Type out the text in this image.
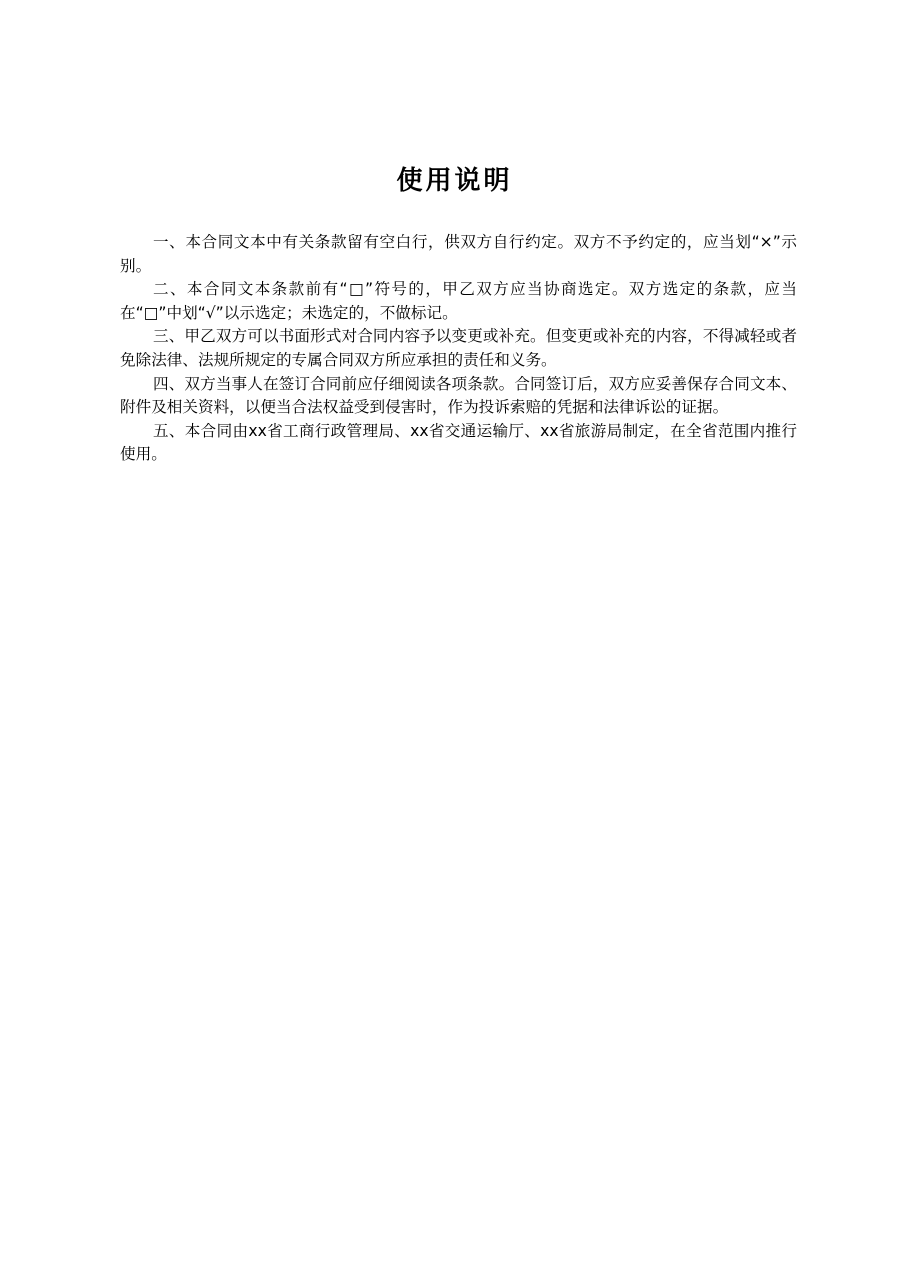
使用说明

一、本合同文本中有关条款留有空白行，供双方自行约定。双方不予约定的，应当划“×”示别。

二、本合同文本条款前有“□”符号的，甲乙双方应当协商选定。双方选定的条款，应当在“□”中划“√”以示选定；未选定的，不做标记。

三、甲乙双方可以书面形式对合同内容予以变更或补充。但变更或补充的内容，不得减轻或者免除法律、法规所规定的专属合同双方所应承担的责任和义务。

四、双方当事人在签订合同前应仔细阅读各项条款。合同签订后，双方应妥善保存合同文本、附件及相关资料，以便当合法权益受到侵害时，作为投诉索赔的凭据和法律诉讼的证据。

五、本合同由xx省工商行政管理局、xx省交通运输厅、xx省旅游局制定，在全省范围内推行使用。
